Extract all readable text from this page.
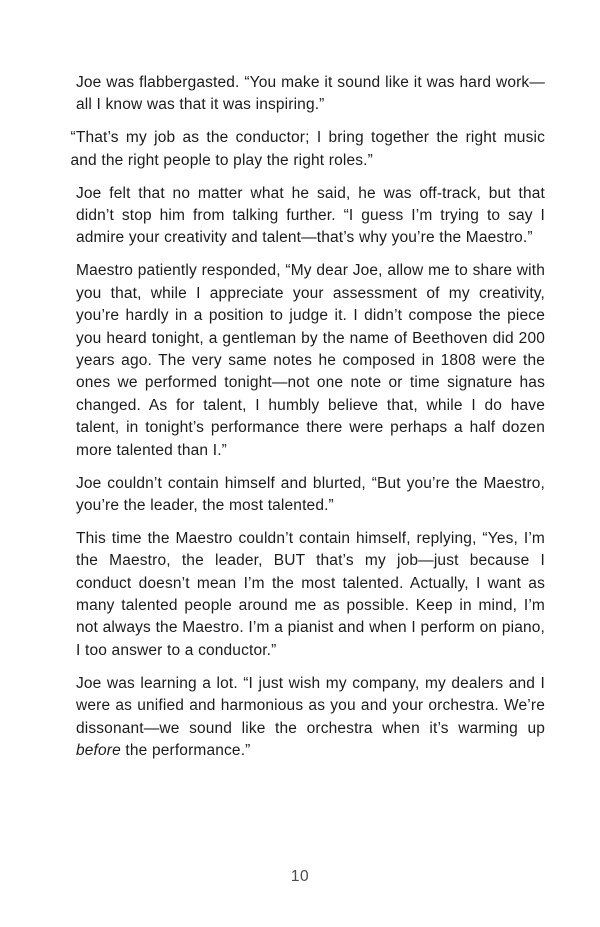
Joe was flabbergasted. “You make it sound like it was hard work—all I know was that it was inspiring.”

“That’s my job as the conductor; I bring together the right music and the right people to play the right roles.”

Joe felt that no matter what he said, he was off-track, but that didn’t stop him from talking further. “I guess I’m trying to say I admire your creativity and talent—that’s why you’re the Maestro.”

Maestro patiently responded, “My dear Joe, allow me to share with you that, while I appreciate your assessment of my creativity, you’re hardly in a position to judge it. I didn’t compose the piece you heard tonight, a gentleman by the name of Beethoven did 200 years ago. The very same notes he composed in 1808 were the ones we performed tonight—not one note or time signature has changed. As for talent, I humbly believe that, while I do have talent, in tonight’s performance there were perhaps a half dozen more talented than I.”

Joe couldn’t contain himself and blurted, “But you’re the Maestro, you’re the leader, the most talented.”

This time the Maestro couldn’t contain himself, replying, “Yes, I’m the Maestro, the leader, BUT that’s my job—just because I conduct doesn’t mean I’m the most talented. Actually, I want as many talented people around me as possible. Keep in mind, I’m not always the Maestro. I’m a pianist and when I perform on piano, I too answer to a conductor.”

Joe was learning a lot. “I just wish my company, my dealers and I were as unified and harmonious as you and your orchestra. We’re dissonant—we sound like the orchestra when it’s warming up before the performance.”

10
